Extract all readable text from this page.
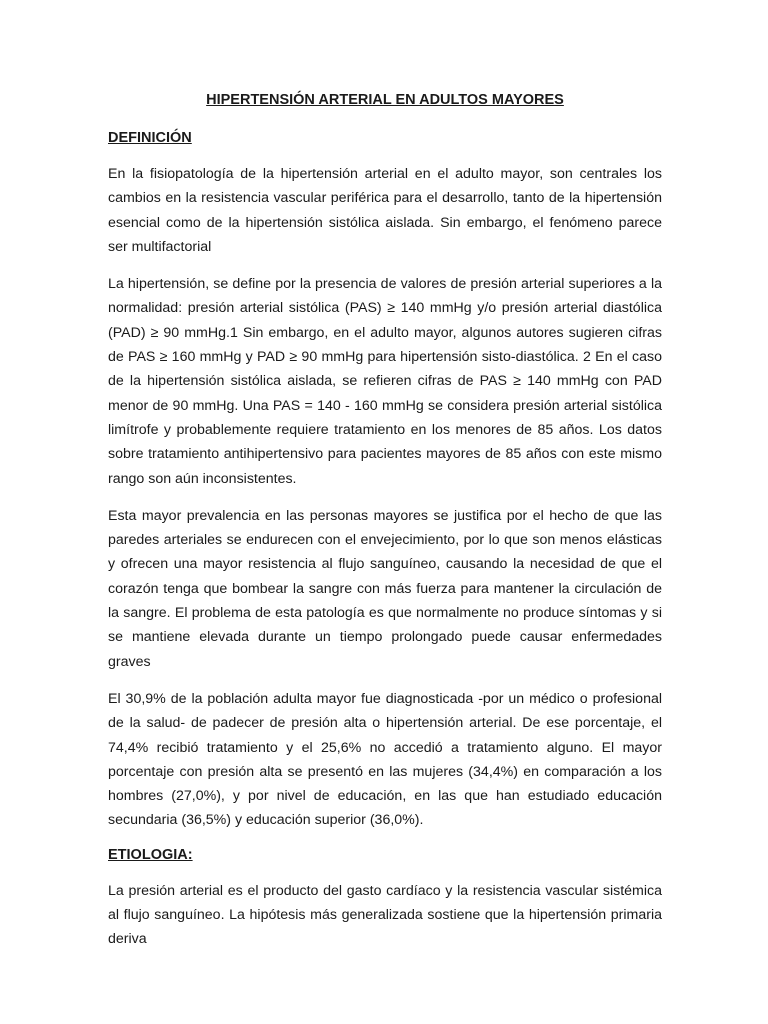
HIPERTENSIÓN ARTERIAL EN ADULTOS MAYORES
DEFINICIÓN

En la fisiopatología de la hipertensión arterial en el adulto mayor, son centrales los cambios en la resistencia vascular periférica para el desarrollo, tanto de la hipertensión esencial como de la hipertensión sistólica aislada. Sin embargo, el fenómeno parece ser multifactorial

La hipertensión, se define por la presencia de valores de presión arterial superiores a la normalidad: presión arterial sistólica (PAS) ≥ 140 mmHg y/o presión arterial diastólica (PAD) ≥ 90 mmHg.1 Sin embargo, en el adulto mayor, algunos autores sugieren cifras de PAS ≥ 160 mmHg y PAD ≥ 90 mmHg para hipertensión sisto-diastólica. 2 En el caso de la hipertensión sistólica aislada, se refieren cifras de PAS ≥ 140 mmHg con PAD menor de 90 mmHg. Una PAS = 140 - 160 mmHg se considera presión arterial sistólica limítrofe y probablemente requiere tratamiento en los menores de 85 años. Los datos sobre tratamiento antihipertensivo para pacientes mayores de 85 años con este mismo rango son aún inconsistentes.

Esta mayor prevalencia en las personas mayores se justifica por el hecho de que las paredes arteriales se endurecen con el envejecimiento, por lo que son menos elásticas y ofrecen una mayor resistencia al flujo sanguíneo, causando la necesidad de que el corazón tenga que bombear la sangre con más fuerza para mantener la circulación de la sangre. El problema de esta patología es que normalmente no produce síntomas y si se mantiene elevada durante un tiempo prolongado puede causar enfermedades graves

El 30,9% de la población adulta mayor fue diagnosticada -por un médico o profesional de la salud- de padecer de presión alta o hipertensión arterial. De ese porcentaje, el 74,4% recibió tratamiento y el 25,6% no accedió a tratamiento alguno. El mayor porcentaje con presión alta se presentó en las mujeres (34,4%) en comparación a los hombres (27,0%), y por nivel de educación, en las que han estudiado educación secundaria (36,5%) y educación superior (36,0%).

ETIOLOGIA:

La presión arterial es el producto del gasto cardíaco y la resistencia vascular sistémica al flujo sanguíneo. La hipótesis más generalizada sostiene que la hipertensión primaria deriva
